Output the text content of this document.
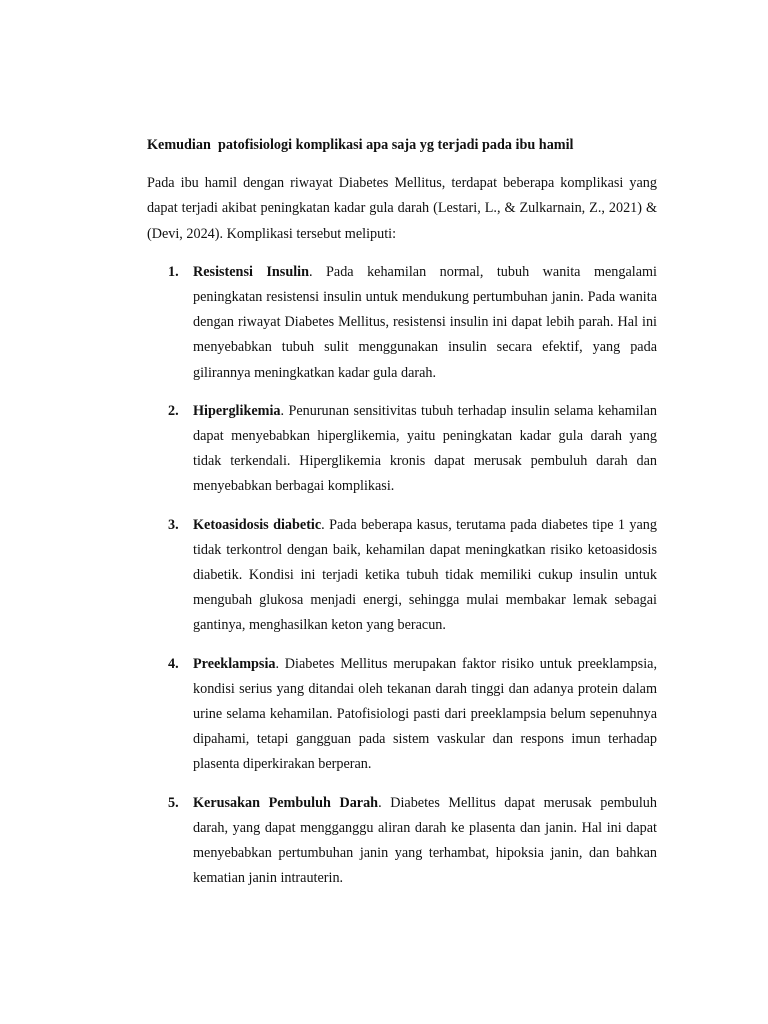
Kemudian  patofisiologi komplikasi apa saja yg terjadi pada ibu hamil

Pada ibu hamil dengan riwayat Diabetes Mellitus, terdapat beberapa komplikasi yang dapat terjadi akibat peningkatan kadar gula darah (Lestari, L., & Zulkarnain, Z., 2021) & (Devi, 2024). Komplikasi tersebut meliputi:

1. Resistensi Insulin. Pada kehamilan normal, tubuh wanita mengalami peningkatan resistensi insulin untuk mendukung pertumbuhan janin. Pada wanita dengan riwayat Diabetes Mellitus, resistensi insulin ini dapat lebih parah. Hal ini menyebabkan tubuh sulit menggunakan insulin secara efektif, yang pada gilirannya meningkatkan kadar gula darah.
2. Hiperglikemia. Penurunan sensitivitas tubuh terhadap insulin selama kehamilan dapat menyebabkan hiperglikemia, yaitu peningkatan kadar gula darah yang tidak terkendali. Hiperglikemia kronis dapat merusak pembuluh darah dan menyebabkan berbagai komplikasi.
3. Ketoasidosis diabetic. Pada beberapa kasus, terutama pada diabetes tipe 1 yang tidak terkontrol dengan baik, kehamilan dapat meningkatkan risiko ketoasidosis diabetik. Kondisi ini terjadi ketika tubuh tidak memiliki cukup insulin untuk mengubah glukosa menjadi energi, sehingga mulai membakar lemak sebagai gantinya, menghasilkan keton yang beracun.
4. Preeklampsia. Diabetes Mellitus merupakan faktor risiko untuk preeklampsia, kondisi serius yang ditandai oleh tekanan darah tinggi dan adanya protein dalam urine selama kehamilan. Patofisiologi pasti dari preeklampsia belum sepenuhnya dipahami, tetapi gangguan pada sistem vaskular dan respons imun terhadap plasenta diperkirakan berperan.
5. Kerusakan Pembuluh Darah. Diabetes Mellitus dapat merusak pembuluh darah, yang dapat mengganggu aliran darah ke plasenta dan janin. Hal ini dapat menyebabkan pertumbuhan janin yang terhambat, hipoksia janin, dan bahkan kematian janin intrauterin.
